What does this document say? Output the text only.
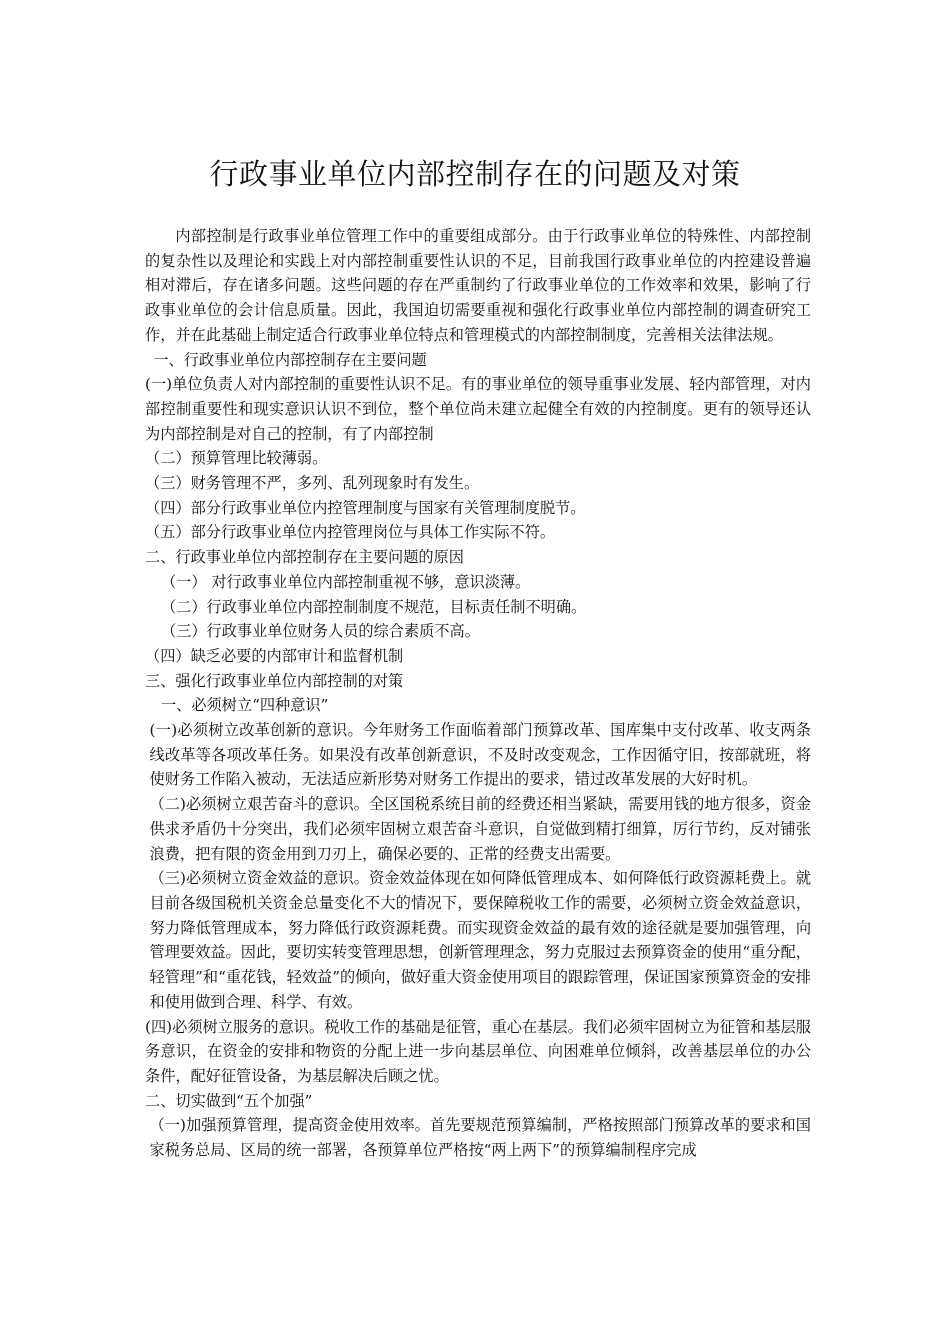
行政事业单位内部控制存在的问题及对策

内部控制是行政事业单位管理工作中的重要组成部分。由于行政事业单位的特殊性、内部控制的复杂性以及理论和实践上对内部控制重要性认识的不足，目前我国行政事业单位的内控建设普遍相对滞后，存在诸多问题。这些问题的存在严重制约了行政事业单位的工作效率和效果，影响了行政事业单位的会计信息质量。因此，我国迫切需要重视和强化行政事业单位内部控制的调查研究工作，并在此基础上制定适合行政事业单位特点和管理模式的内部控制制度，完善相关法律法规。

一、行政事业单位内部控制存在主要问题

(一)单位负责人对内部控制的重要性认识不足。有的事业单位的领导重事业发展、轻内部管理，对内部控制重要性和现实意识认识不到位，整个单位尚未建立起健全有效的内控制度。更有的领导还认为内部控制是对自己的控制，有了内部控制

（二）预算管理比较薄弱。

（三）财务管理不严，多列、乱列现象时有发生。

（四）部分行政事业单位内控管理制度与国家有关管理制度脱节。

（五）部分行政事业单位内控管理岗位与具体工作实际不符。

二、行政事业单位内部控制存在主要问题的原因

（一） 对行政事业单位内部控制重视不够，意识淡薄。

（二）行政事业单位内部控制制度不规范，目标责任制不明确。

（三）行政事业单位财务人员的综合素质不高。

（四）缺乏必要的内部审计和监督机制

三、强化行政事业单位内部控制的对策

一、必须树立“四种意识”

(一)必须树立改革创新的意识。今年财务工作面临着部门预算改革、国库集中支付改革、收支两条线改革等各项改革任务。如果没有改革创新意识，不及时改变观念，工作因循守旧，按部就班，将使财务工作陷入被动，无法适应新形势对财务工作提出的要求，错过改革发展的大好时机。

（二)必须树立艰苦奋斗的意识。全区国税系统目前的经费还相当紧缺，需要用钱的地方很多，资金供求矛盾仍十分突出，我们必须牢固树立艰苦奋斗意识，自觉做到精打细算，厉行节约，反对铺张浪费，把有限的资金用到刀刃上，确保必要的、正常的经费支出需要。

（三)必须树立资金效益的意识。资金效益体现在如何降低管理成本、如何降低行政资源耗费上。就目前各级国税机关资金总量变化不大的情况下，要保障税收工作的需要，必须树立资金效益意识，努力降低管理成本，努力降低行政资源耗费。而实现资金效益的最有效的途径就是要加强管理，向管理要效益。因此，要切实转变管理思想，创新管理理念，努力克服过去预算资金的使用“重分配，轻管理”和“重花钱，轻效益”的倾向，做好重大资金使用项目的跟踪管理，保证国家预算资金的安排和使用做到合理、科学、有效。

(四)必须树立服务的意识。税收工作的基础是征管，重心在基层。我们必须牢固树立为征管和基层服务意识，在资金的安排和物资的分配上进一步向基层单位、向困难单位倾斜，改善基层单位的办公条件，配好征管设备，为基层解决后顾之忧。

二、切实做到“五个加强”

（一)加强预算管理，提高资金使用效率。首先要规范预算编制，严格按照部门预算改革的要求和国家税务总局、区局的统一部署，各预算单位严格按“两上两下”的预算编制程序完成
